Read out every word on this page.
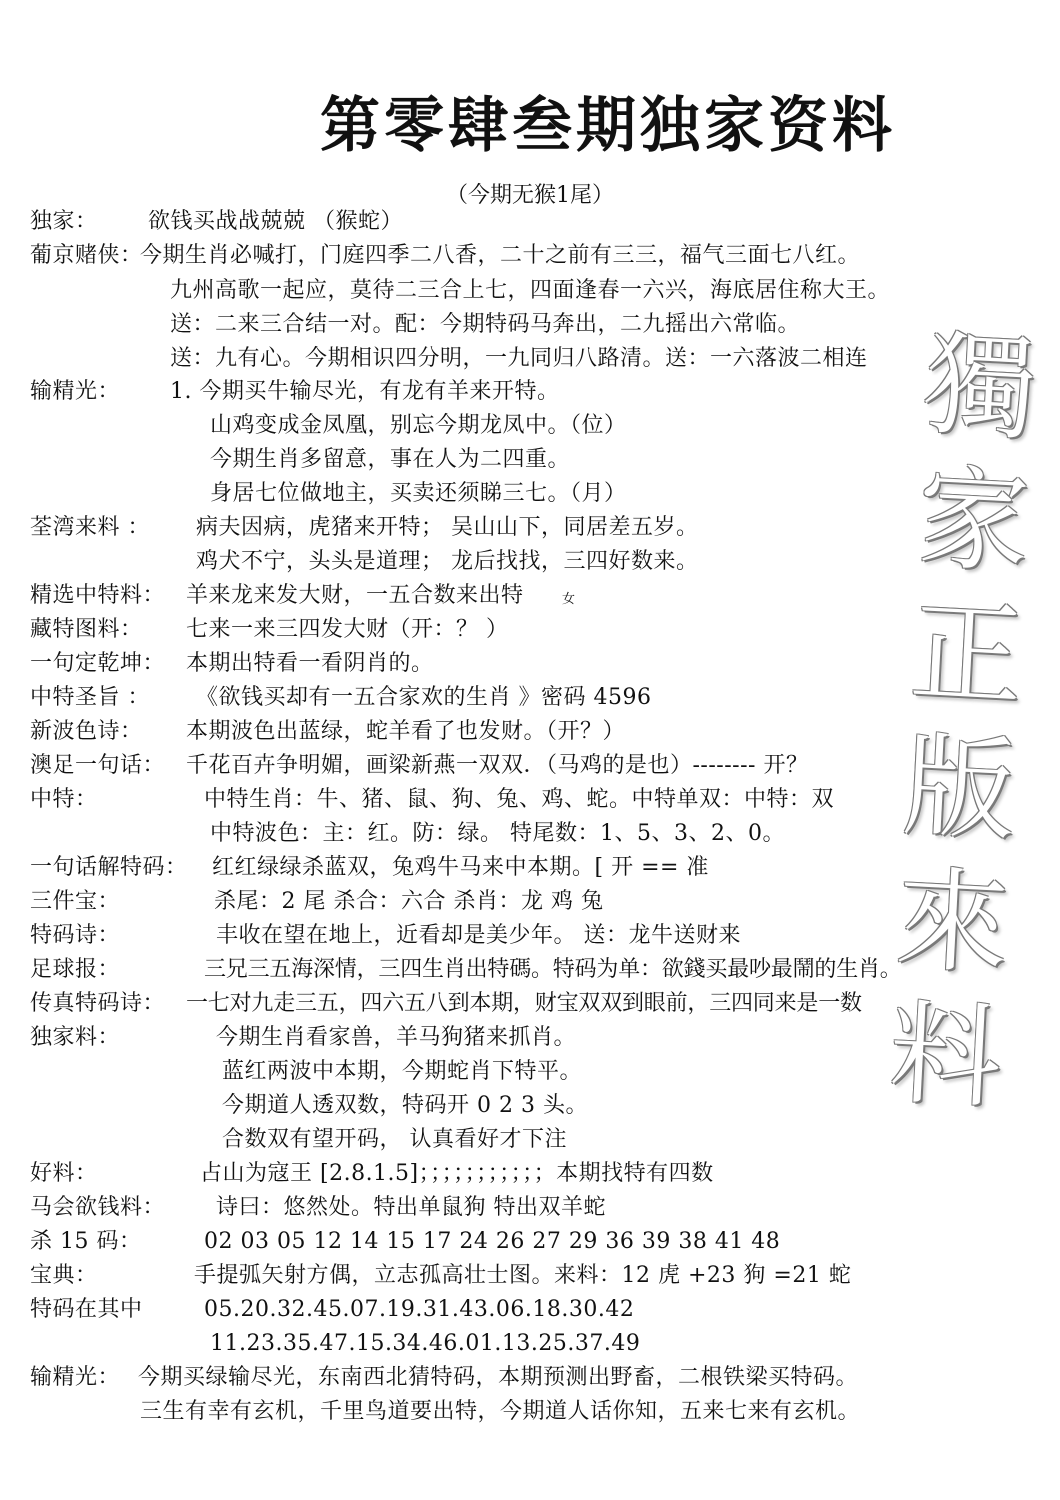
第零肆叁期独家资料
（今期无猴1尾）
独家： 欲钱买战战兢兢 （猴蛇）
葡京赌侠：
今期生肖必喊打，门庭四季二八香，二十之前有三三，福气三面七八红。
九州高歌一起应，莫待二三合上七，四面逢春一六兴，海底居住称大王。
送：二来三合结一对。配：今期特码马奔出，二九摇出六常临。
送：九有心。今期相识四分明，一九同归八路清。送：一六落波二相连
输精光： 1. 今期买牛输尽光，有龙有羊来开特。
山鸡变成金凤凰，别忘今期龙凤中。（位）
今期生肖多留意，事在人为二四重。
身居七位做地主，买卖还须睇三七。（月）
荃湾来料 ： 病夫因病，虎猪来开特； 吴山山下，同居差五岁。
鸡犬不宁，头头是道理； 龙后找找，三四好数来。
精选中特料： 羊来龙来发大财，一五合数来出特	女
藏特图料： 七来一来三四发大财（开：？ ）
一句定乾坤： 本期出特看一看阴肖的。
中特圣旨 ： 《欲钱买却有一五合家欢的生肖 》密码 4596
新波色诗： 本期波色出蓝绿，蛇羊看了也发财。（开？）
澳足一句话： 千花百卉争明媚，画梁新燕一双双．（马鸡的是也）-------- 开？
中特：	中特生肖：牛、猪、鼠、狗、兔、鸡、蛇。中特单双：中特：双
中特波色：主：红。防：绿。 特尾数：1、5、3、2、0。
一句话解特码： 红红绿绿杀蓝双，兔鸡牛马来中本期。[ 开 == 准
三件宝：	杀尾：2 尾 杀合：六合 杀肖：龙 鸡 兔
特码诗：	丰收在望在地上，近看却是美少年。 送：龙牛送财来
足球报：	三兄三五海深情，三四生肖出特碼。特码为单：欲錢买最吵最鬧的生肖。
传真特码诗： 一七对九走三五，四六五八到本期，财宝双双到眼前，三四同来是一数
独家料：	今期生肖看家兽，羊马狗猪来抓肖。
蓝红两波中本期，今期蛇肖下特平。
今期道人透双数，特码开 0 2 3 头。
合数双有望开码， 认真看好才下注
好料：	占山为寇王 [2.8.1.5]；；；；；；；；；；；本期找特有四数
马会欲钱料： 诗曰：悠然处。特出单鼠狗 特出双羊蛇
杀 15 码：	02 03 05 12 14 15 17 24 26 27 29 36 39 38 41 48
宝典：	手提弧矢射方偶，立志孤高壮士图。来料：12 虎 +23 狗 =21 蛇
特码在其中	05.20.32.45.07.19.31.43.06.18.30.42
11.23.35.47.15.34.46.01.13.25.37.49
输精光： 今期买绿输尽光，东南西北猜特码，本期预测出野畜，二根铁梁买特码。
三生有幸有玄机，千里鸟道要出特，今期道人话你知，五来七来有玄机。
獨
家
正
版
來
料
